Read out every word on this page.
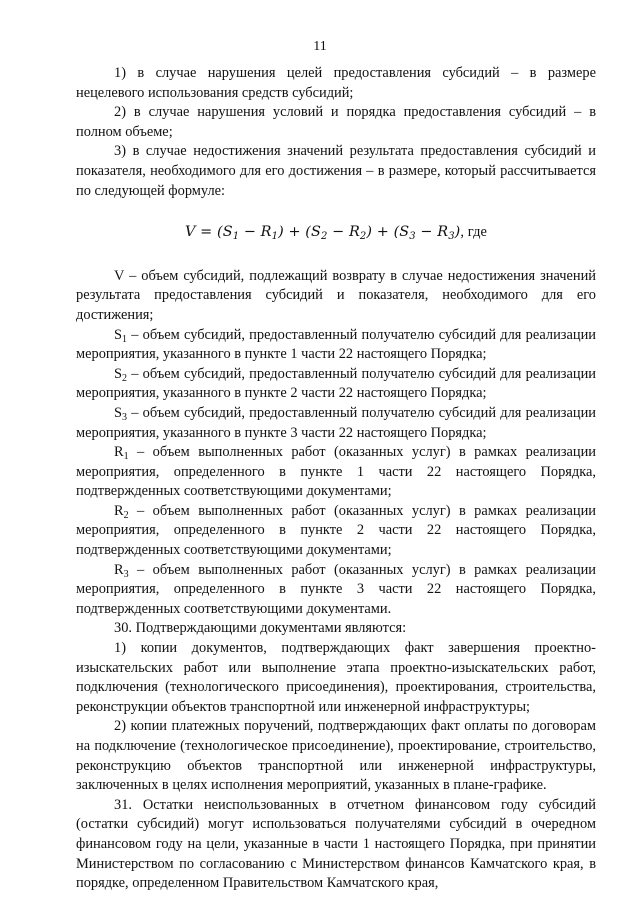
11

1) в случае нарушения целей предоставления субсидий – в размере нецелевого использования средств субсидий;

2) в случае нарушения условий и порядка предоставления субсидий – в полном объеме;

3) в случае недостижения значений результата предоставления субсидий и показателя, необходимого для его достижения – в размере, который рассчитывается по следующей формуле:

$V = (S_1 - R_1) + (S_2 - R_2) + (S_3 - R_3)$, где

V – объем субсидий, подлежащий возврату в случае недостижения значений результата предоставления субсидий и показателя, необходимого для его достижения;

$S_1$ – объем субсидий, предоставленный получателю субсидий для реализации мероприятия, указанного в пункте 1 части 22 настоящего Порядка;

$S_2$ – объем субсидий, предоставленный получателю субсидий для реализации мероприятия, указанного в пункте 2 части 22 настоящего Порядка;

$S_3$ – объем субсидий, предоставленный получателю субсидий для реализации мероприятия, указанного в пункте 3 части 22 настоящего Порядка;

$R_1$ – объем выполненных работ (оказанных услуг) в рамках реализации мероприятия, определенного в пункте 1 части 22 настоящего Порядка, подтвержденных соответствующими документами;

$R_2$ – объем выполненных работ (оказанных услуг) в рамках реализации мероприятия, определенного в пункте 2 части 22 настоящего Порядка, подтвержденных соответствующими документами;

$R_3$ – объем выполненных работ (оказанных услуг) в рамках реализации мероприятия, определенного в пункте 3 части 22 настоящего Порядка, подтвержденных соответствующими документами.

30. Подтверждающими документами являются:

1) копии документов, подтверждающих факт завершения проектно-изыскательских работ или выполнение этапа проектно-изыскательских работ, подключения (технологического присоединения), проектирования, строительства, реконструкции объектов транспортной или инженерной инфраструктуры;

2) копии платежных поручений, подтверждающих факт оплаты по договорам на подключение (технологическое присоединение), проектирование, строительство, реконструкцию объектов транспортной или инженерной инфраструктуры, заключенных в целях исполнения мероприятий, указанных в плане-графике.

31. Остатки неиспользованных в отчетном финансовом году субсидий (остатки субсидий) могут использоваться получателями субсидий в очередном финансовом году на цели, указанные в части 1 настоящего Порядка, при принятии Министерством по согласованию с Министерством финансов Камчатского края, в порядке, определенном Правительством Камчатского края,
